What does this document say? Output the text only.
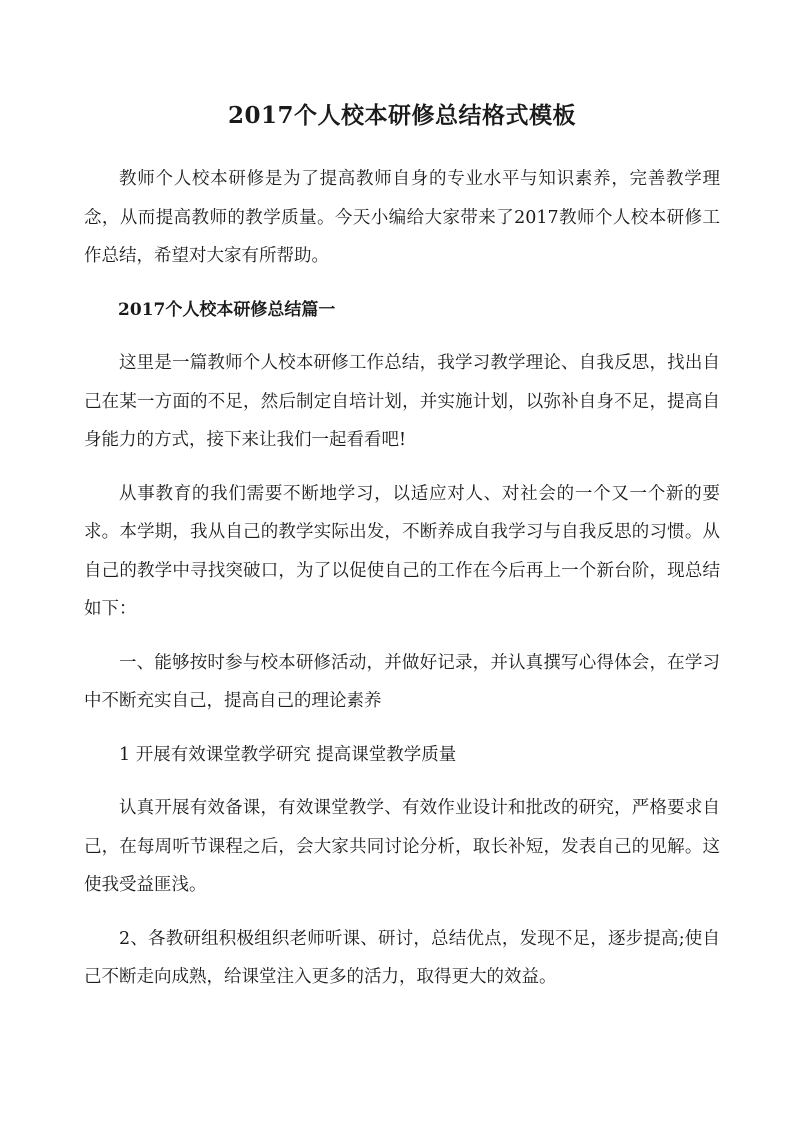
2017个人校本研修总结格式模板

教师个人校本研修是为了提高教师自身的专业水平与知识素养，完善教学理念，从而提高教师的教学质量。今天小编给大家带来了2017教师个人校本研修工作总结，希望对大家有所帮助。

2017个人校本研修总结篇一

这里是一篇教师个人校本研修工作总结，我学习教学理论、自我反思，找出自己在某一方面的不足，然后制定自培计划，并实施计划，以弥补自身不足，提高自身能力的方式，接下来让我们一起看看吧!

从事教育的我们需要不断地学习，以适应对人、对社会的一个又一个新的要求。本学期，我从自己的教学实际出发，不断养成自我学习与自我反思的习惯。从自己的教学中寻找突破口，为了以促使自己的工作在今后再上一个新台阶，现总结如下：

一、能够按时参与校本研修活动，并做好记录，并认真撰写心得体会，在学习中不断充实自己，提高自己的理论素养

1 开展有效课堂教学研究 提高课堂教学质量

认真开展有效备课，有效课堂教学、有效作业设计和批改的研究，严格要求自己，在每周听节课程之后，会大家共同讨论分析，取长补短，发表自己的见解。这使我受益匪浅。

2、各教研组积极组织老师听课、研讨，总结优点，发现不足，逐步提高;使自己不断走向成熟，给课堂注入更多的活力，取得更大的效益。
